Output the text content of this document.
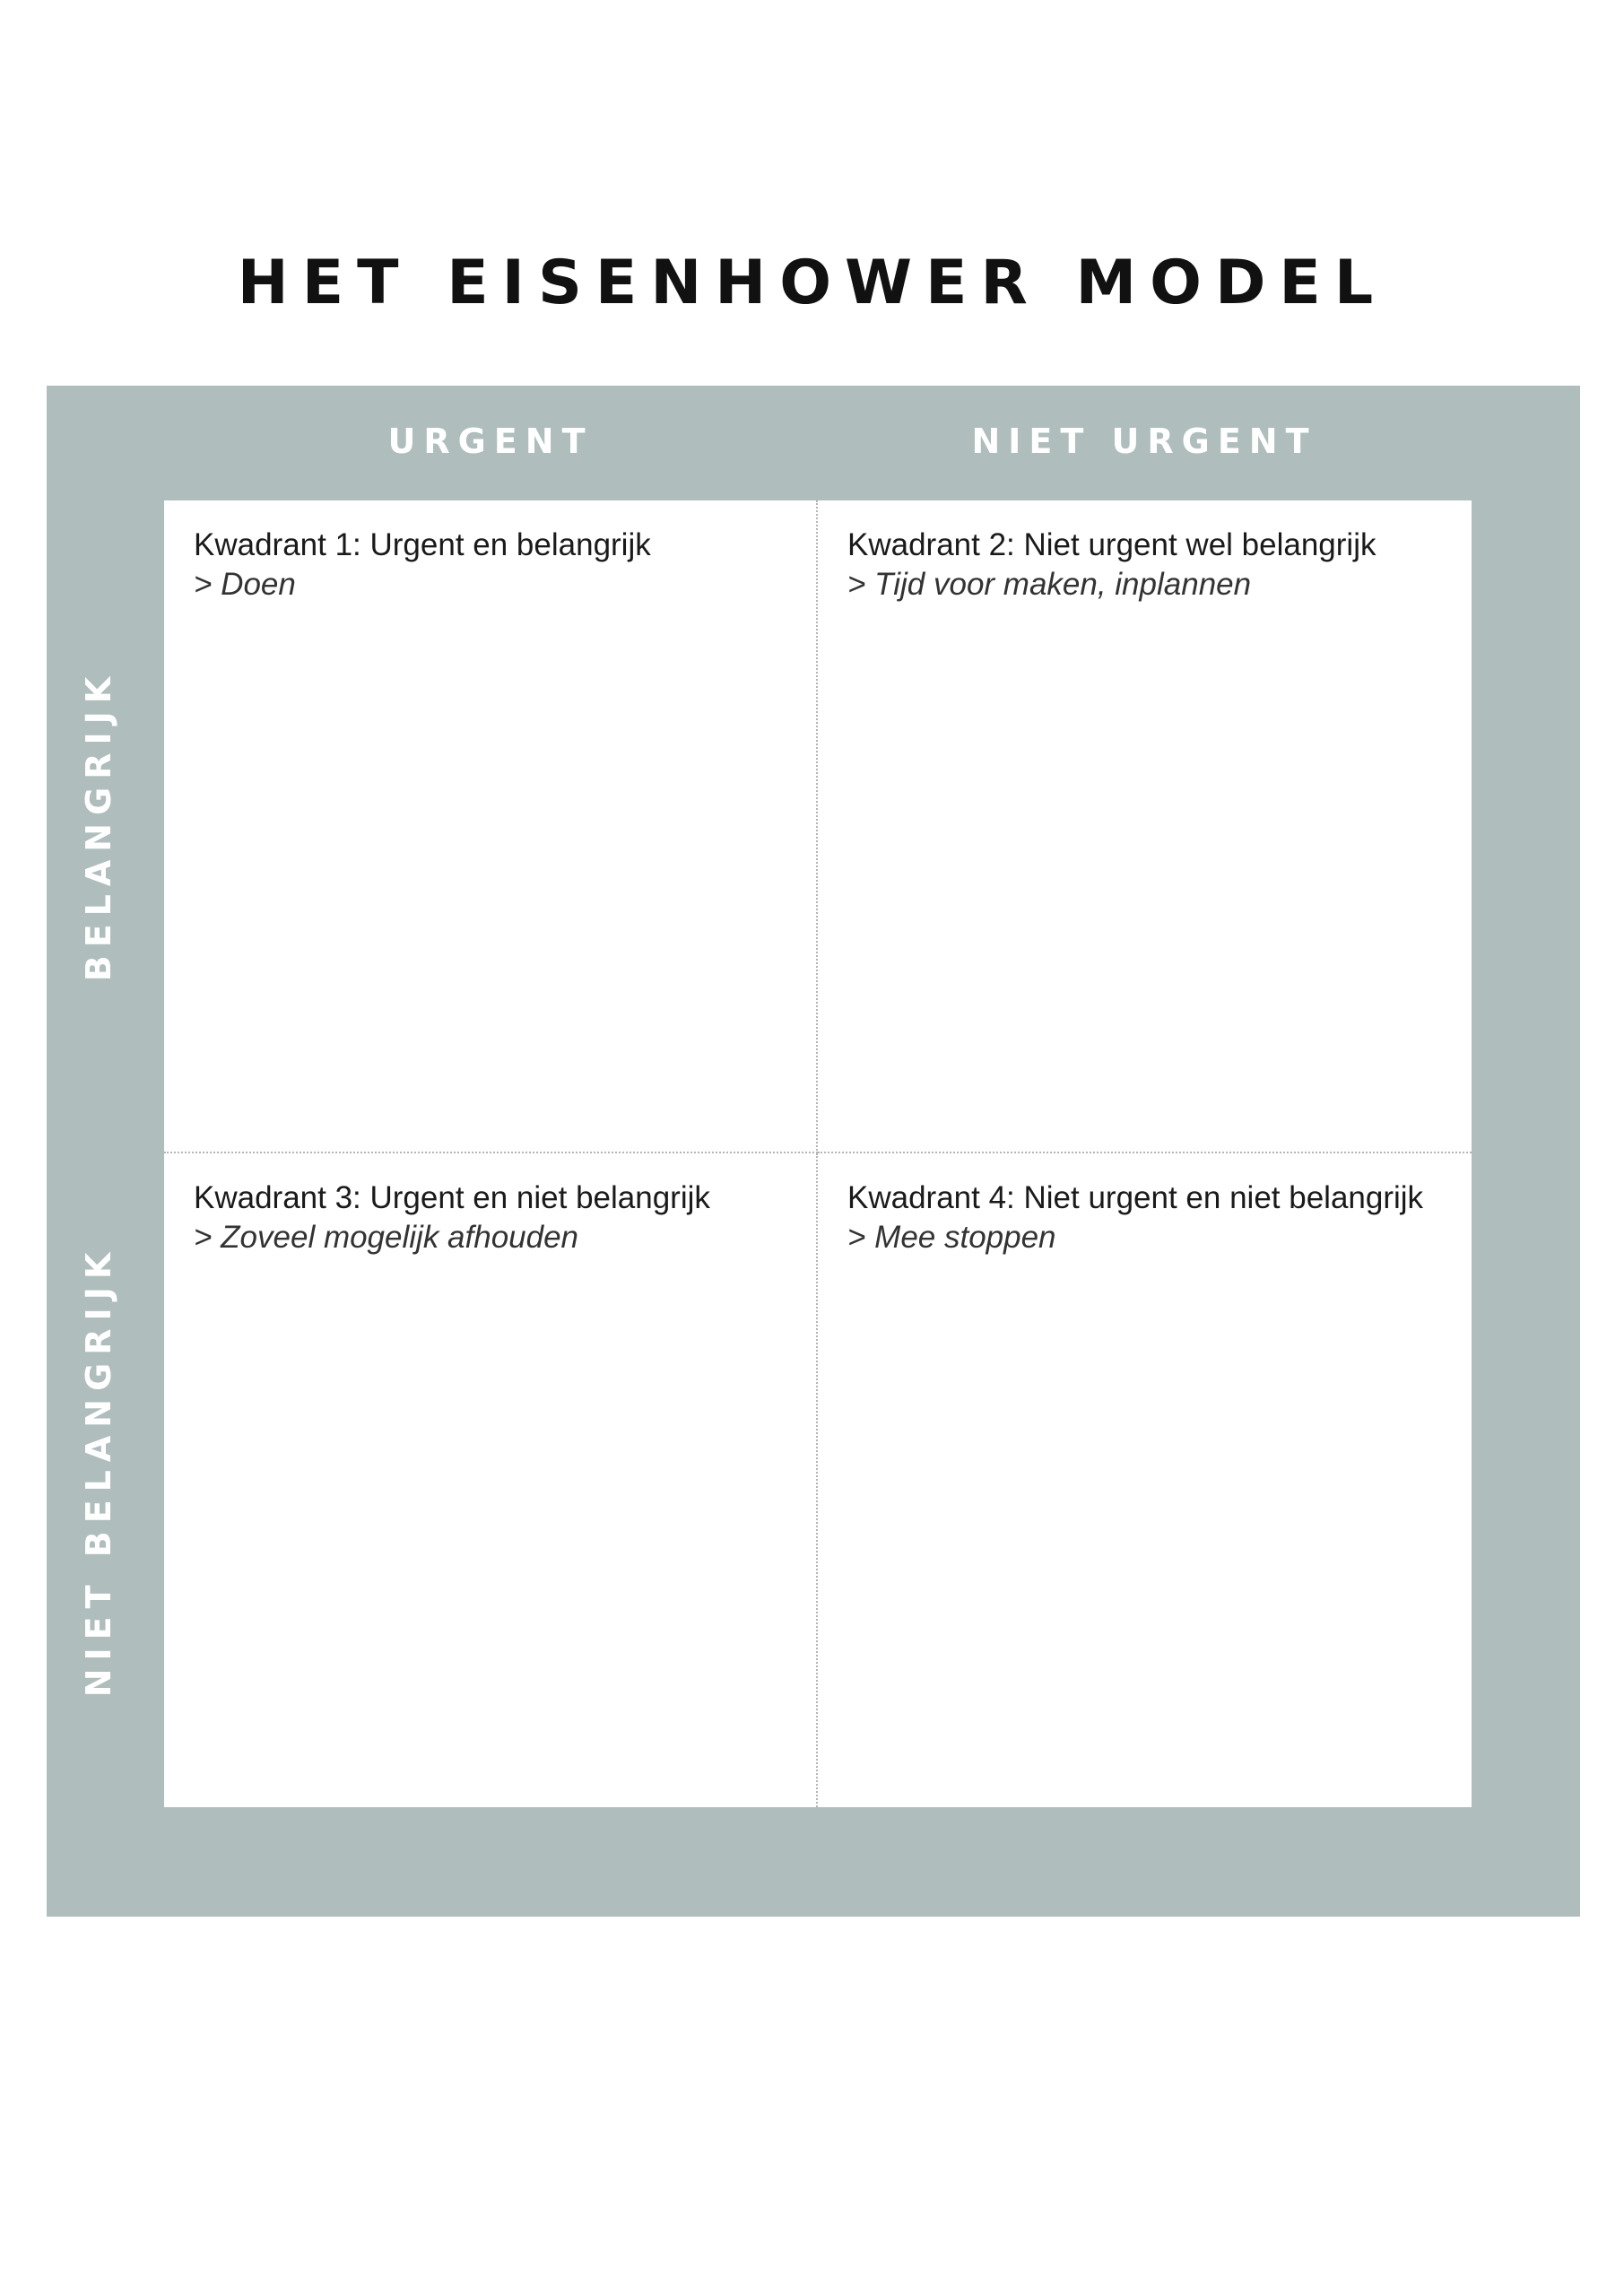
HET EISENHOWER MODEL
URGENT	NIET URGENT
BELANGRIJK
NIET BELANGRIJK
Kwadrant 1: Urgent en belangrijk
> Doen
Kwadrant 2: Niet urgent wel belangrijk
> Tijd voor maken, inplannen
Kwadrant 3: Urgent en niet belangrijk
> Zoveel mogelijk afhouden
Kwadrant 4: Niet urgent en niet belangrijk
> Mee stoppen
